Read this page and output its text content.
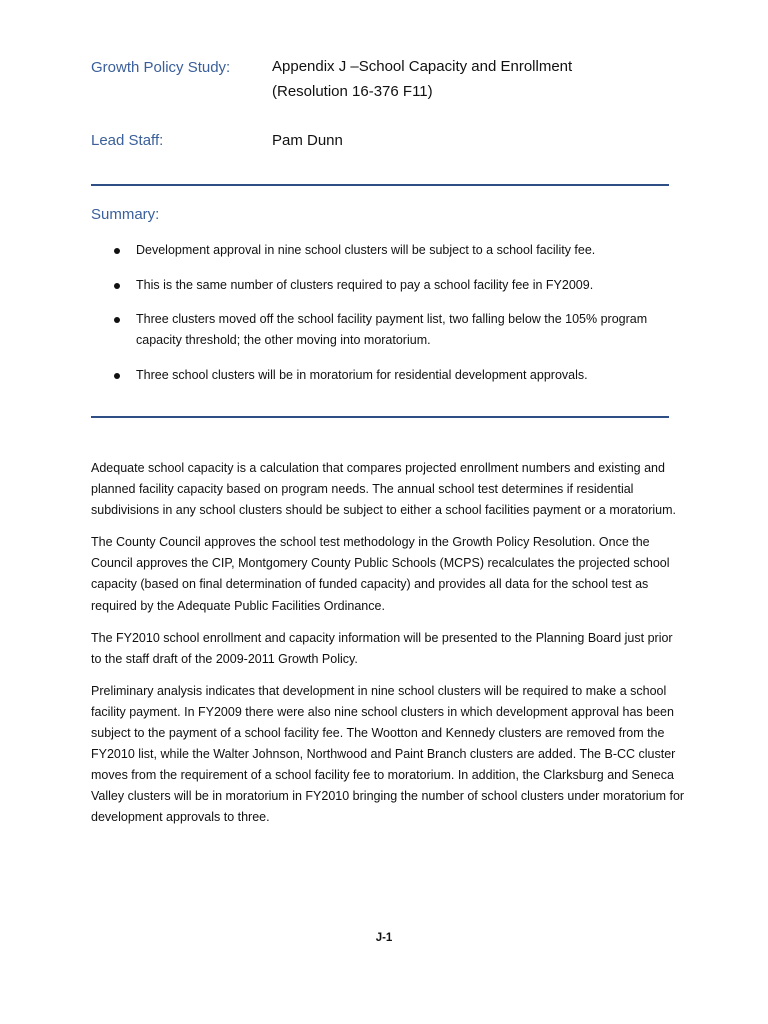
Growth Policy Study:	Appendix J –School Capacity and Enrollment
(Resolution 16-376 F11)
Lead Staff:	Pam Dunn
Summary:
Development approval in nine school clusters will be subject to a school facility fee.
This is the same number of clusters required to pay a school facility fee in FY2009.
Three clusters moved off the school facility payment list, two falling below the 105% program capacity threshold; the other moving into moratorium.
Three school clusters will be in moratorium for residential development approvals.

Adequate school capacity is a calculation that compares projected enrollment numbers and existing and planned facility capacity based on program needs. The annual school test determines if residential subdivisions in any school clusters should be subject to either a school facilities payment or a moratorium.

The County Council approves the school test methodology in the Growth Policy Resolution. Once the Council approves the CIP, Montgomery County Public Schools (MCPS) recalculates the projected school capacity (based on final determination of funded capacity) and provides all data for the school test as required by the Adequate Public Facilities Ordinance.

The FY2010 school enrollment and capacity information will be presented to the Planning Board just prior to the staff draft of the 2009-2011 Growth Policy.

Preliminary analysis indicates that development in nine school clusters will be required to make a school facility payment. In FY2009 there were also nine school clusters in which development approval has been subject to the payment of a school facility fee. The Wootton and Kennedy clusters are removed from the FY2010 list, while the Walter Johnson, Northwood and Paint Branch clusters are added. The B-CC cluster moves from the requirement of a school facility fee to moratorium. In addition, the Clarksburg and Seneca Valley clusters will be in moratorium in FY2010 bringing the number of school clusters under moratorium for development approvals to three.

J-1
